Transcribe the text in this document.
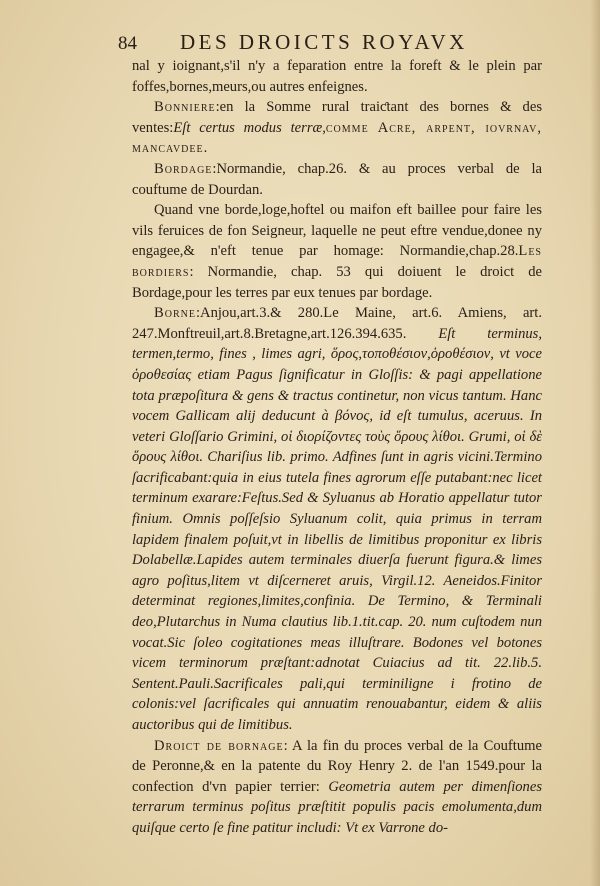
84	DES DROICTS ROYAVX

nal y ioignant,s'il n'y a feparation entre la foreft & le plein par foffes,bornes,meurs,ou autres enfeignes.

Bonniere:en la Somme rural traiƈtant des bornes & des ventes:Eſt certus modus terræ,comme Acre, arpent, iovrnav, mancavdee.

Bordage:Normandie, chap.26. & au proces verbal de la couftume de Dourdan.

Quand vne borde,loge,hoftel ou maifon eft baillee pour faire les vils feruices de fon Seigneur, laquelle ne peut eftre vendue,donee ny engagee,& n'eft tenue par homage: Normandie,chap.28.Les bordiers: Normandie, chap. 53 qui doiuent le droict de Bordage,pour les terres par eux tenues par bordage.

Borne:Anjou,art.3.& 280.Le Maine, art.6. Amiens, art. 247.Monftreuil,art.8.Bretagne,art.126.394.635. Eſt terminus, termen,termo, fines , limes agri, ὅρος,τοποθέσιον,ὁροθέσιον, vt voce ὁροθεσίας etiam Pagus ſignificatur in Gloſſis: & pagi appellatione tota præpoſitura & gens & tractus continetur, non vicus tantum. Hanc vocem Gallicam alij deducunt à βόνος, id eſt tumulus, aceruus. In veteri Gloſſario Grimini, οἱ διορίζοντες τοὺς ὅρους λίθοι. Grumi, οἱ δὲ ὅρους λίθοι. Chariſius lib. primo. Adfines ſunt in agris vicini.Termino ſacrificabant:quia in eius tutela fines agrorum eſſe putabant:nec licet terminum exarare:Feſtus.Sed & Syluanus ab Horatio appellatur tutor finium. Omnis poſſeſsio Syluanum colit, quia primus in terram lapidem finalem poſuit,vt in libellis de limitibus proponitur ex libris Dolabellæ.Lapides autem terminales diuerſa fuerunt figura.& limes agro poſitus,litem vt diſcerneret aruis, Virgil.12. Aeneidos.Finitor determinat regiones,limites,confinia. De Termino, & Terminali deo,Plutarchus in Numa clautius lib.1.tit.cap. 20. num cuſtodem nun vocat.Sic ſoleo cogitationes meas illuſtrare. Bodones vel botones vicem terminorum præſtant:adnotat Cuiacius ad tit. 22.lib.5. Sentent.Pauli.Sacrificales pali,qui terminiligne i frotino de colonis:vel ſacrificales qui annuatim renouabantur, eidem & aliis auctoribus qui de limitibus.

Droict de bornage: A la fin du proces verbal de la Couftume de Peronne,& en la patente du Roy Henry 2. de l'an 1549.pour la confection d'vn papier terrier: Geometria autem per dimenſiones terrarum terminus poſitus præſtitit populis pacis emolumenta,dum quiſque certo ſe fine patitur includi: Vt ex Varrone do-
